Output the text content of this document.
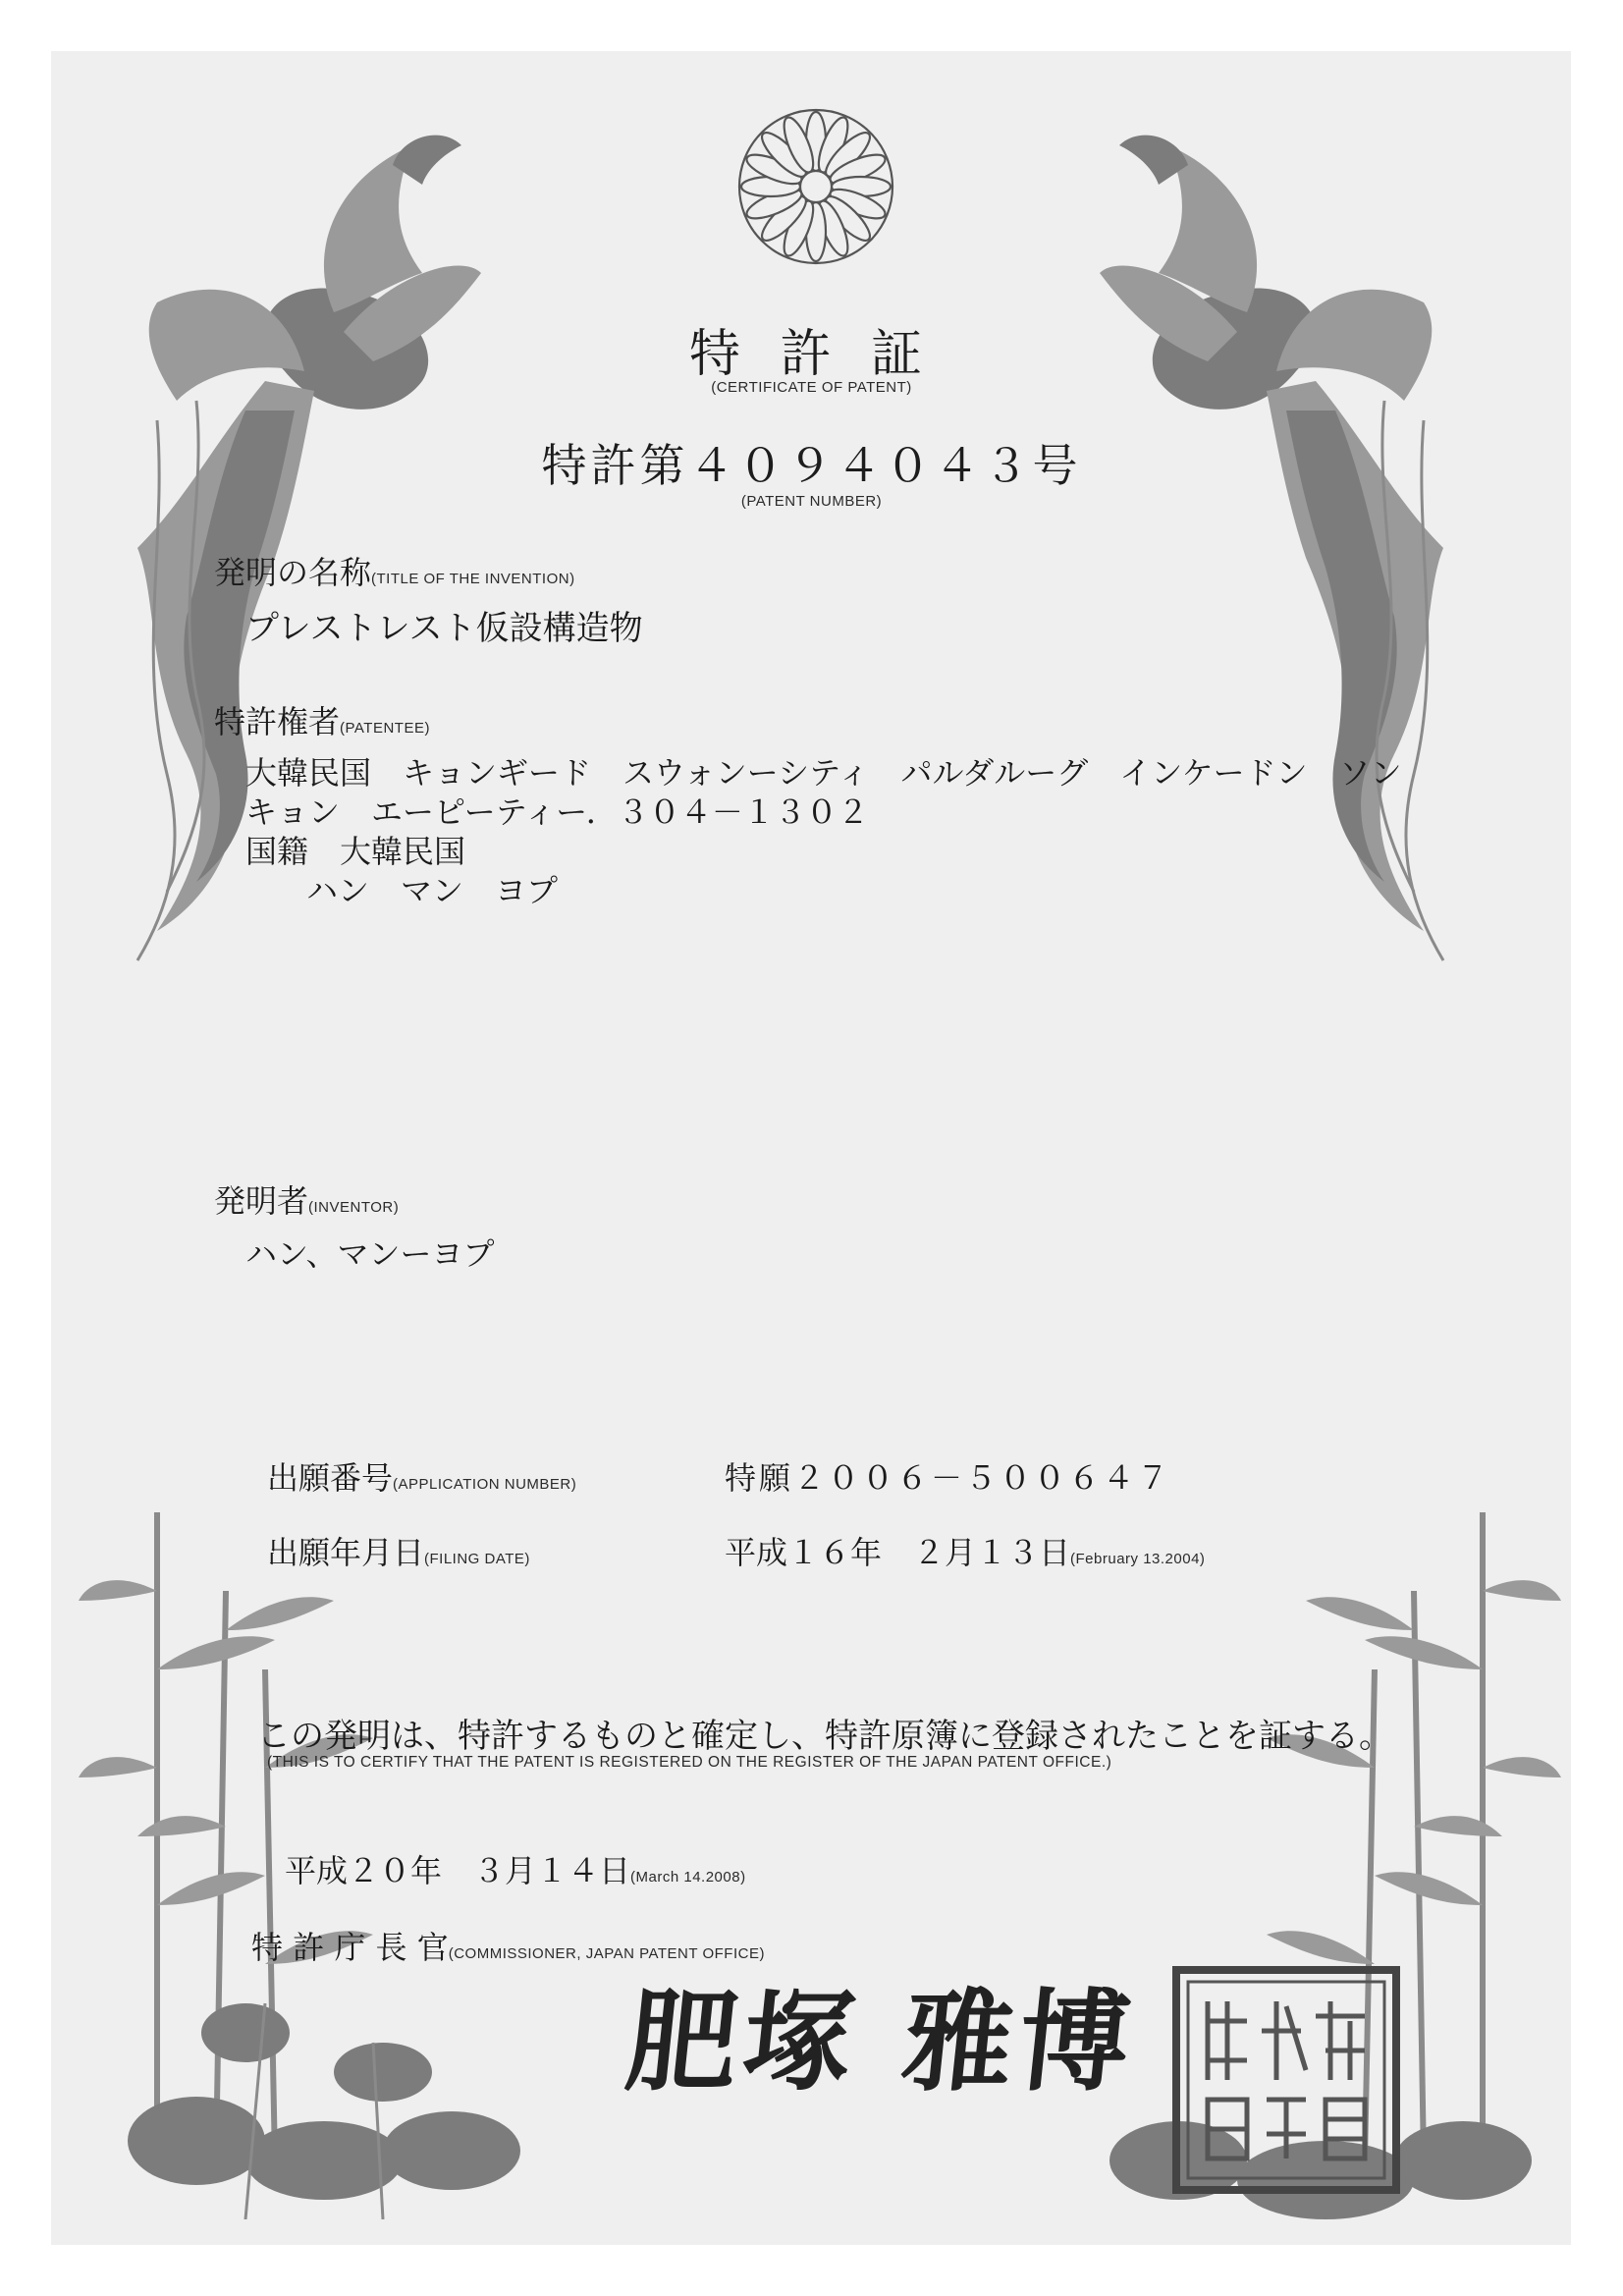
特 許 証
(CERTIFICATE OF PATENT)
特許第４０９４０４３号
(PATENT NUMBER)
発明の名称(TITLE OF THE INVENTION)
プレストレスト仮設構造物
特許権者(PATENTEE)
大韓民国　キョンギード　スウォンーシティ　パルダルーグ　インケードン　ソン
キョン　エーピーティー．３０４－１３０２
国籍　大韓民国
ハン　マン　ヨプ
発明者(INVENTOR)
ハン、マンーヨプ
出願番号(APPLICATION NUMBER)	特願２００６－５００６４７
出願年月日(FILING DATE)	平成１６年　２月１３日(February 13.2004)
この発明は、特許するものと確定し、特許原簿に登録されたことを証する。
(THIS IS TO CERTIFY THAT THE PATENT IS REGISTERED ON THE REGISTER OF THE JAPAN PATENT OFFICE.)
平成２０年　３月１４日(March 14.2008)
特 許 庁 長 官(COMMISSIONER, JAPAN PATENT OFFICE)
肥塚 雅博
